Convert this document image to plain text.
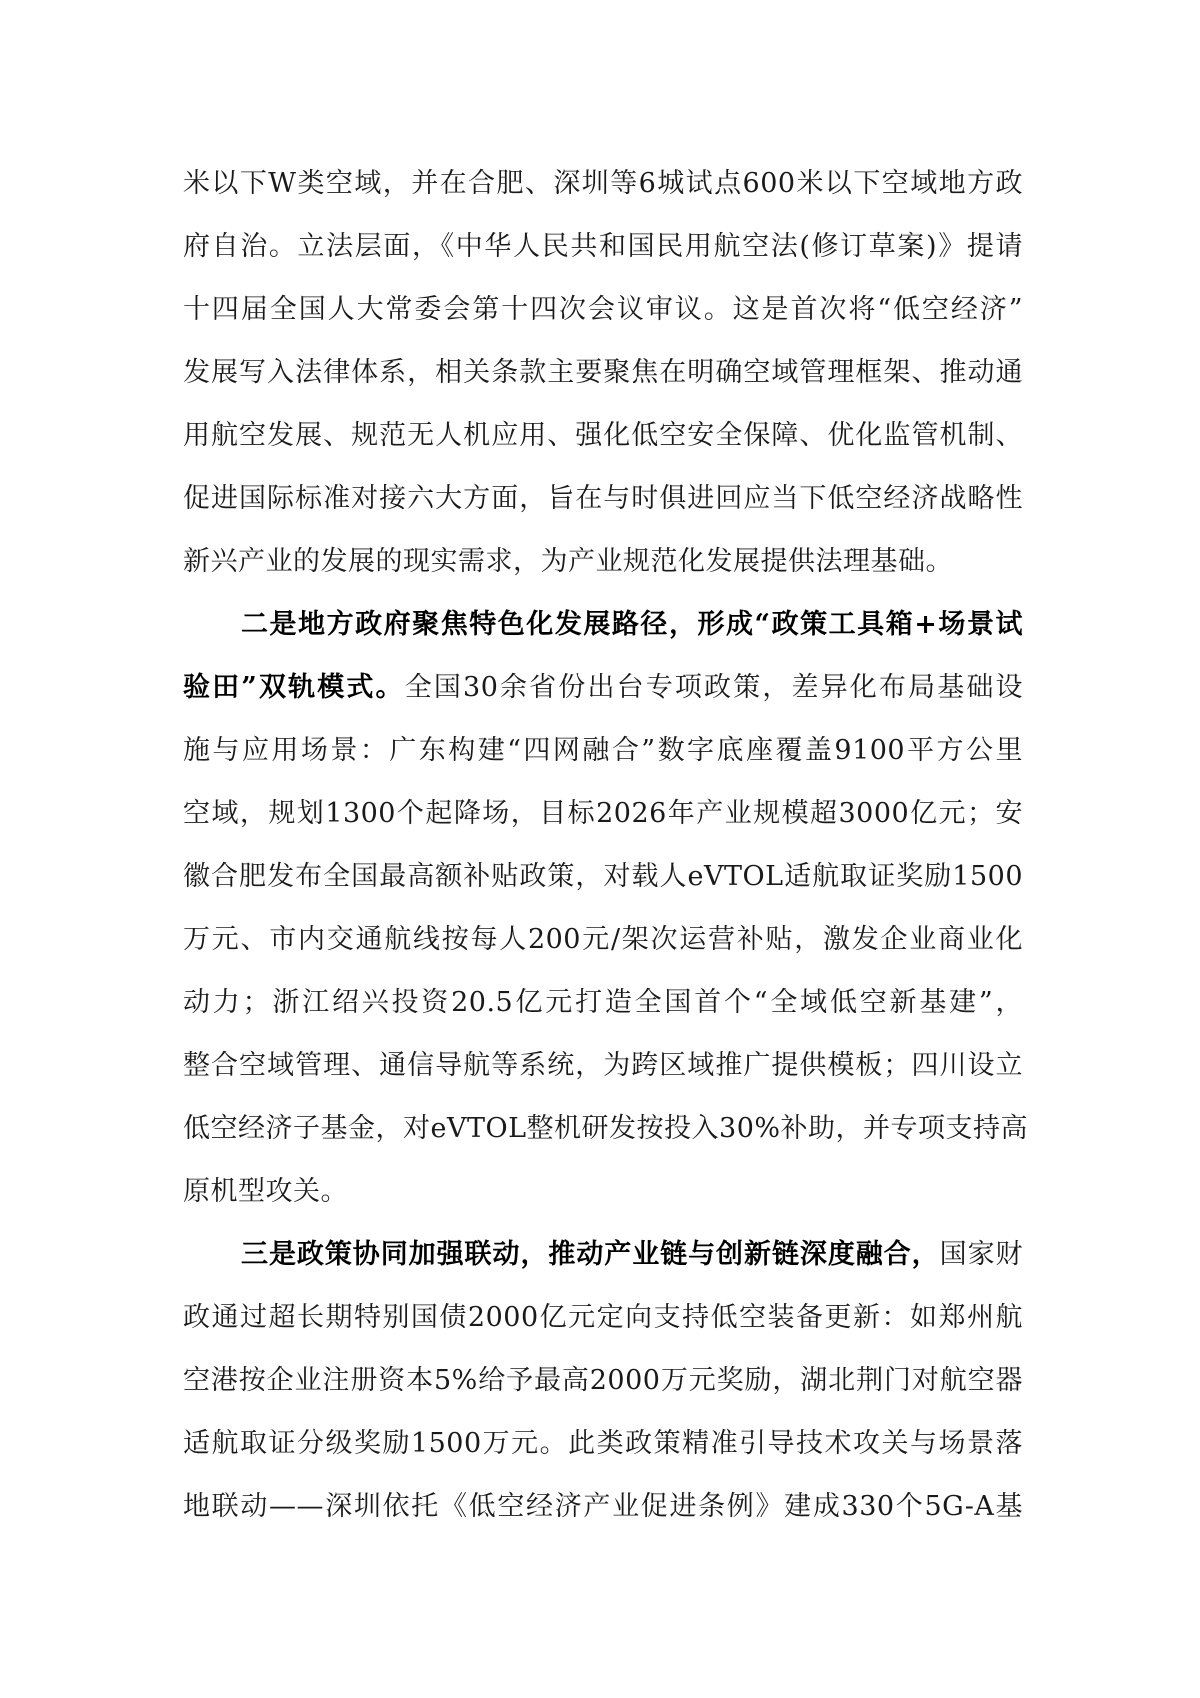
米以下W类空域，并在合肥、深圳等6城试点600米以下空域地方政
府自治。立法层面，《中华人民共和国民用航空法(修订草案)》提请
十四届全国人大常委会第十四次会议审议。这是首次将“低空经济”
发展写入法律体系，相关条款主要聚焦在明确空域管理框架、推动通
用航空发展、规范无人机应用、强化低空安全保障、优化监管机制、
促进国际标准对接六大方面，旨在与时俱进回应当下低空经济战略性
新兴产业的发展的现实需求，为产业规范化发展提供法理基础。
二是地方政府聚焦特色化发展路径，形成“政策工具箱+场景试
验田”双轨模式。全国30余省份出台专项政策，差异化布局基础设
施与应用场景：广东构建“四网融合”数字底座覆盖9100平方公里
空域，规划1300个起降场，目标2026年产业规模超3000亿元；安
徽合肥发布全国最高额补贴政策，对载人eVTOL适航取证奖励1500
万元、市内交通航线按每人200元/架次运营补贴，激发企业商业化
动力；浙江绍兴投资20.5亿元打造全国首个“全域低空新基建”，
整合空域管理、通信导航等系统，为跨区域推广提供模板；四川设立
低空经济子基金，对eVTOL整机研发按投入30%补助，并专项支持高
原机型攻关。
三是政策协同加强联动，推动产业链与创新链深度融合，国家财
政通过超长期特别国债2000亿元定向支持低空装备更新：如郑州航
空港按企业注册资本5%给予最高2000万元奖励，湖北荆门对航空器
适航取证分级奖励1500万元。此类政策精准引导技术攻关与场景落
地联动——深圳依托《低空经济产业促进条例》建成330个5G-A基
